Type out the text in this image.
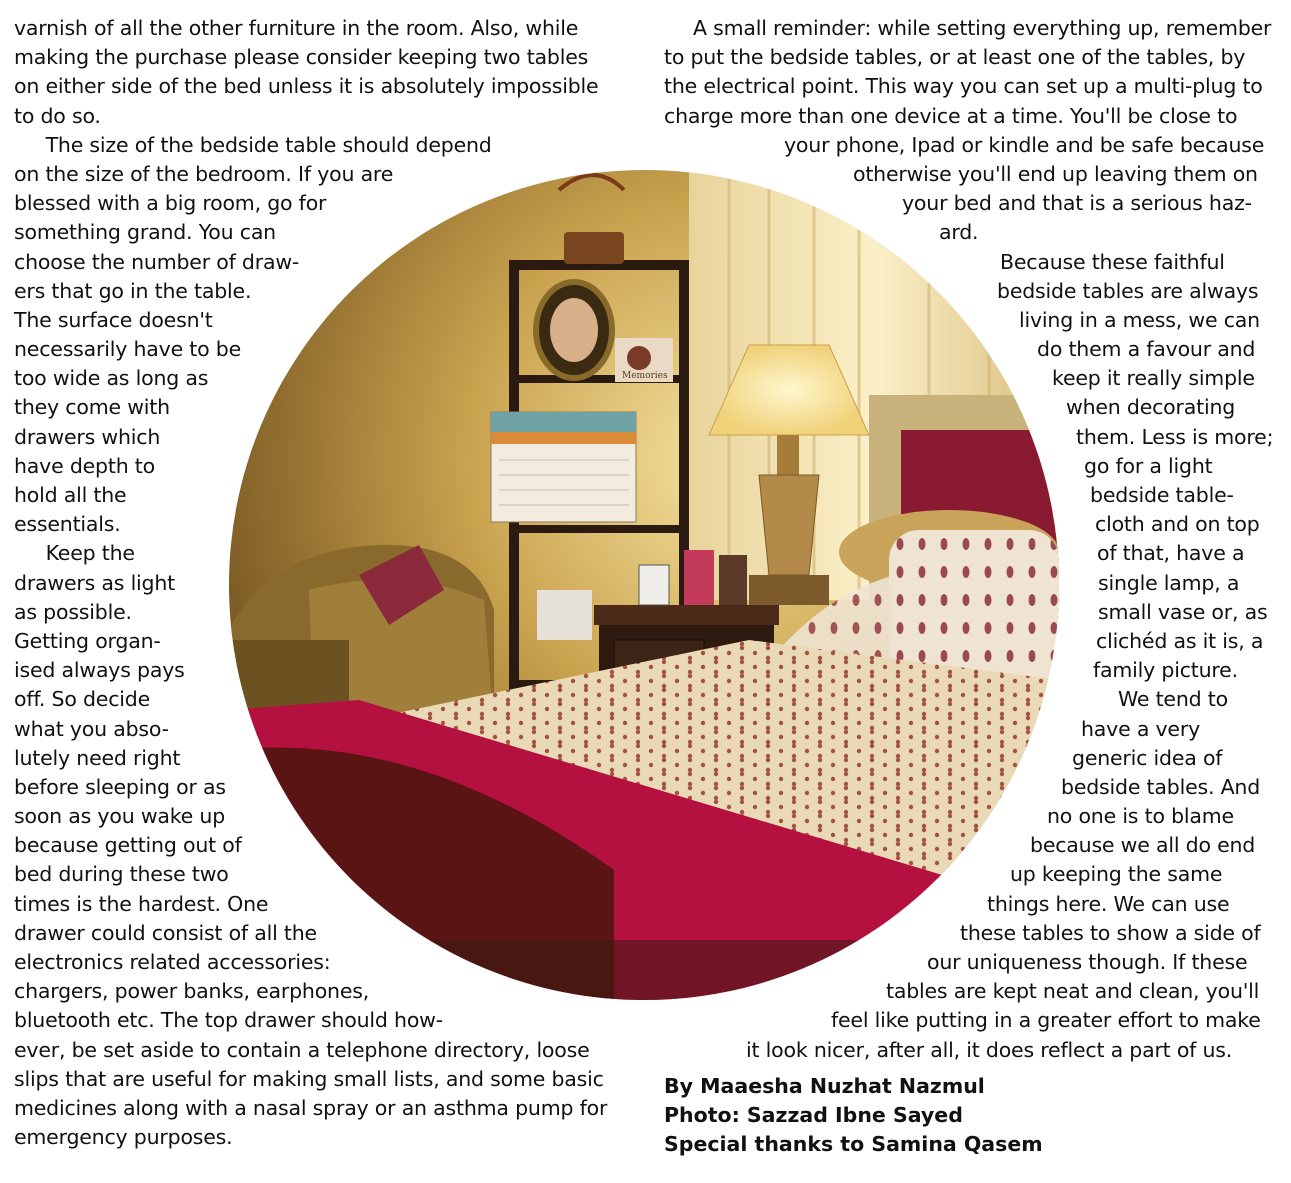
varnish of all the other furniture in the room. Also, while
making the purchase please consider keeping two tables
on either side of the bed unless it is absolutely impossible
to do so.
The size of the bedside table should depend
on the size of the bedroom. If you are
blessed with a big room, go for
something grand. You can
choose the number of draw-
ers that go in the table.
The surface doesn't
necessarily have to be
too wide as long as
they come with
drawers which
have depth to
hold all the
essentials.
Keep the
drawers as light
as possible.
Getting organ-
ised always pays
off. So decide
what you abso-
lutely need right
before sleeping or as
soon as you wake up
because getting out of
bed during these two
times is the hardest. One
drawer could consist of all the
electronics related accessories:
chargers, power banks, earphones,
bluetooth etc. The top drawer should how-
ever, be set aside to contain a telephone directory, loose
slips that are useful for making small lists, and some basic
medicines along with a nasal spray or an asthma pump for
emergency purposes.
A small reminder: while setting everything up, remember
to put the bedside tables, or at least one of the tables, by
the electrical point. This way you can set up a multi-plug to
charge more than one device at a time. You'll be close to
your phone, Ipad or kindle and be safe because
otherwise you'll end up leaving them on
your bed and that is a serious haz-
ard.
Because these faithful
bedside tables are always
living in a mess, we can
do them a favour and
keep it really simple
when decorating
them. Less is more;
go for a light
bedside table-
cloth and on top
of that, have a
single lamp, a
small vase or, as
clichéd as it is, a
family picture.
We tend to
have a very
generic idea of
bedside tables. And
no one is to blame
because we all do end
up keeping the same
things here. We can use
these tables to show a side of
our uniqueness though. If these
tables are kept neat and clean, you'll
feel like putting in a greater effort to make
it look nicer, after all, it does reflect a part of us.
Memories
By Maaesha Nuzhat Nazmul
Photo: Sazzad Ibne Sayed
Special thanks to Samina Qasem
